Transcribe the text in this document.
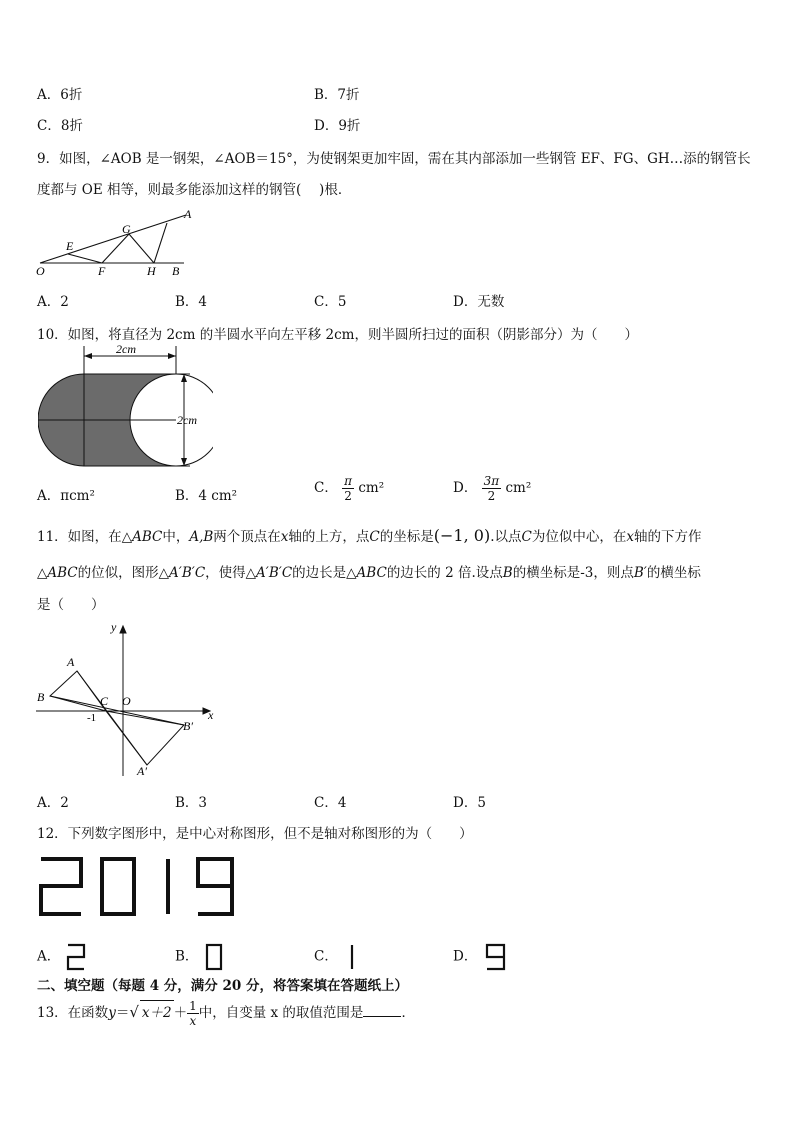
A．6折	B．7折
C．8折	D．9折
9．如图，∠AOB 是一钢架，∠AOB＝15°，为使钢架更加牢固，需在其内部添加一些钢管 EF、FG、GH…添的钢管长
度都与 OE 相等，则最多能添加这样的钢管(　 )根．
O
E
F
G
H
A
B
A．2	B．4	C．5	D．无数
10．如图，将直径为 2cm 的半圆水平向左平移 2cm，则半圆所扫过的面积（阴影部分）为（　　）
2cm
2cm
A．πcm²	B．4 cm²	C． $\frac{\pi}{2} cm^2$	D． $\frac{3\pi}{2} cm^2$
11．如图，在△ABC中，A,B两个顶点在x轴的上方，点C的坐标是(−1, 0).以点C为位似中心，在x轴的下方作
△ABC的位似，图形△A′B′C，使得△A′B′C的边长是△ABC的边长的 2 倍.设点B的横坐标是-3，则点B′的横坐标
是（　　）
y
x
A
B	C O
-1
B′
A′
A．2	B．3	C．4	D．5
12．下列数字图形中，是中心对称图形，但不是轴对称图形的为（　　）
A．	B．	C．	D．
二、填空题（每题 4 分，满分 20 分，将答案填在答题纸上）
13．在函数y＝√ $x+2 + \frac{1}{x}$ 中，自变量 x 的取值范围是	．
